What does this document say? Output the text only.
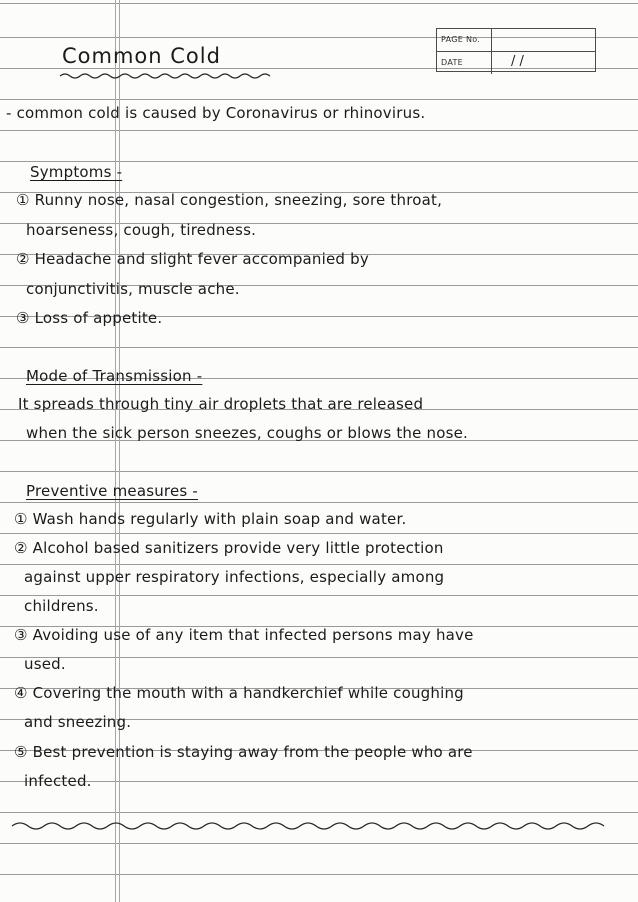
Common Cold
PAGE No.
DATE	/ /
- common cold is caused by Coronavirus or rhinovirus.
Symptoms -
① Runny nose, nasal congestion, sneezing, sore throat,
hoarseness, cough, tiredness.
② Headache and slight fever accompanied by
conjunctivitis, muscle ache.
③ Loss of appetite.
Mode of Transmission -
It spreads through tiny air droplets that are released
when the sick person sneezes, coughs or blows the nose.
Preventive measures -
① Wash hands regularly with plain soap and water.
② Alcohol based sanitizers provide very little protection
against upper respiratory infections, especially among
childrens.
③ Avoiding use of any item that infected persons may have
used.
④ Covering the mouth with a handkerchief while coughing
and sneezing.
⑤ Best prevention is staying away from the people who are
infected.
